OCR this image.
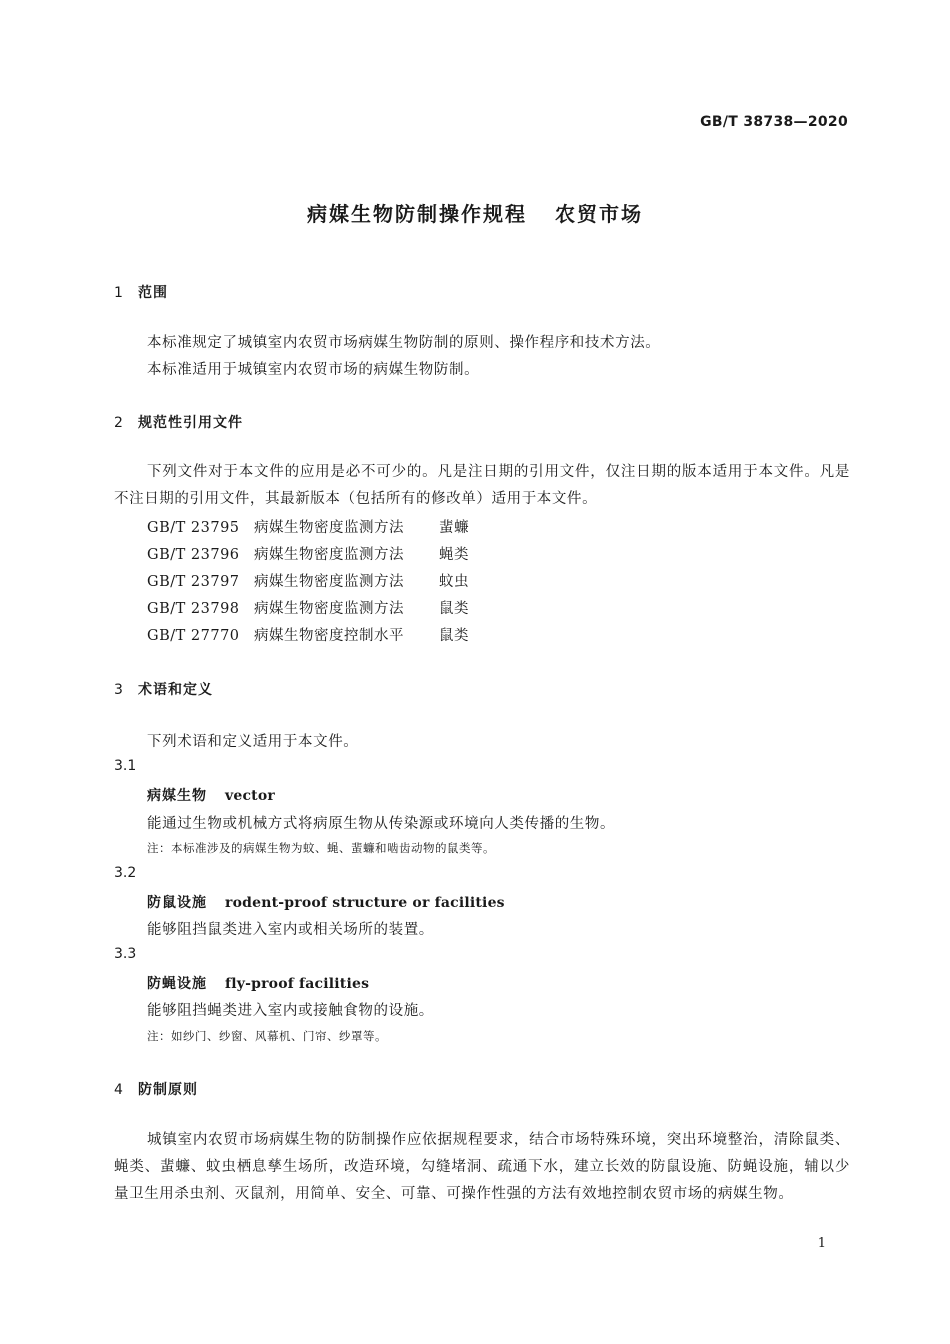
GB/T 38738—2020
病媒生物防制操作规程 农贸市场
1 范围
本标准规定了城镇室内农贸市场病媒生物防制的原则、操作程序和技术方法。
本标准适用于城镇室内农贸市场的病媒生物防制。
2 规范性引用文件
下列文件对于本文件的应用是必不可少的。凡是注日期的引用文件，仅注日期的版本适用于本文件。凡是不注日期的引用文件，其最新版本（包括所有的修改单）适用于本文件。
GB/T 23795 病媒生物密度监测方法 蜚蠊
GB/T 23796 病媒生物密度监测方法 蝇类
GB/T 23797 病媒生物密度监测方法 蚊虫
GB/T 23798 病媒生物密度监测方法 鼠类
GB/T 27770 病媒生物密度控制水平 鼠类
3 术语和定义
下列术语和定义适用于本文件。
3.1
病媒生物 vector
能通过生物或机械方式将病原生物从传染源或环境向人类传播的生物。
注：本标准涉及的病媒生物为蚊、蝇、蜚蠊和啮齿动物的鼠类等。
3.2
防鼠设施 rodent-proof structure or facilities
能够阻挡鼠类进入室内或相关场所的装置。
3.3
防蝇设施 fly-proof facilities
能够阻挡蝇类进入室内或接触食物的设施。
注：如纱门、纱窗、风幕机、门帘、纱罩等。
4 防制原则
城镇室内农贸市场病媒生物的防制操作应依据规程要求，结合市场特殊环境，突出环境整治，清除鼠类、蝇类、蜚蠊、蚊虫栖息孳生场所，改造环境，勾缝堵洞、疏通下水，建立长效的防鼠设施、防蝇设施，辅以少量卫生用杀虫剂、灭鼠剂，用简单、安全、可靠、可操作性强的方法有效地控制农贸市场的病媒生物。
1
